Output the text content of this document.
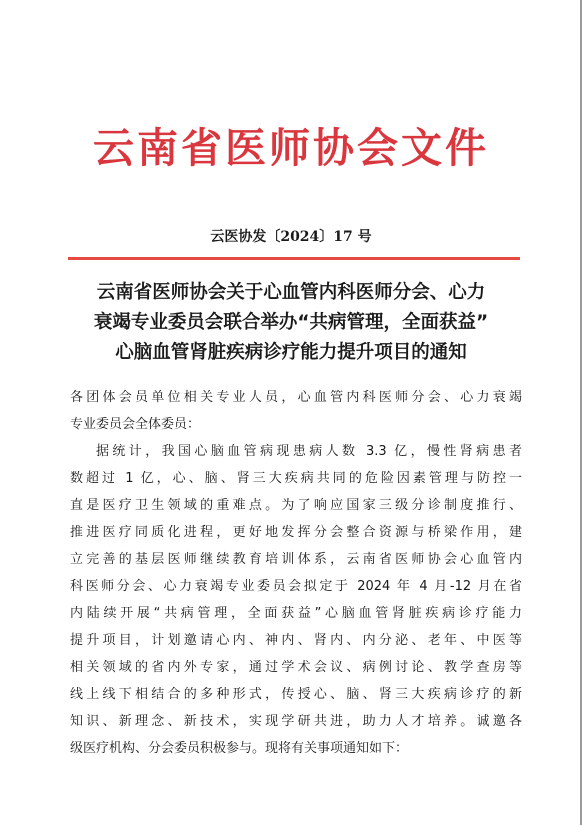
云南省医师协会文件
云医协发〔2024〕17 号
云南省医师协会关于心血管内科医师分会、心力
衰竭专业委员会联合举办“共病管理，全面获益”
心脑血管肾脏疾病诊疗能力提升项目的通知
各团体会员单位相关专业人员，心血管内科医师分会、心力衰竭
专业委员会全体委员：
据统计，我国心脑血管病现患病人数 3.3 亿，慢性肾病患者
数超过 1 亿，心、脑、肾三大疾病共同的危险因素管理与防控一
直是医疗卫生领域的重难点。为了响应国家三级分诊制度推行、
推进医疗同质化进程，更好地发挥分会整合资源与桥梁作用，建
立完善的基层医师继续教育培训体系，云南省医师协会心血管内
科医师分会、心力衰竭专业委员会拟定于 2024 年 4 月-12 月在省
内陆续开展“共病管理，全面获益”心脑血管肾脏疾病诊疗能力
提升项目，计划邀请心内、神内、肾内、内分泌、老年、中医等
相关领域的省内外专家，通过学术会议、病例讨论、教学查房等
线上线下相结合的多种形式，传授心、脑、肾三大疾病诊疗的新
知识、新理念、新技术，实现学研共进，助力人才培养。诚邀各
级医疗机构、分会委员积极参与。现将有关事项通知如下：
